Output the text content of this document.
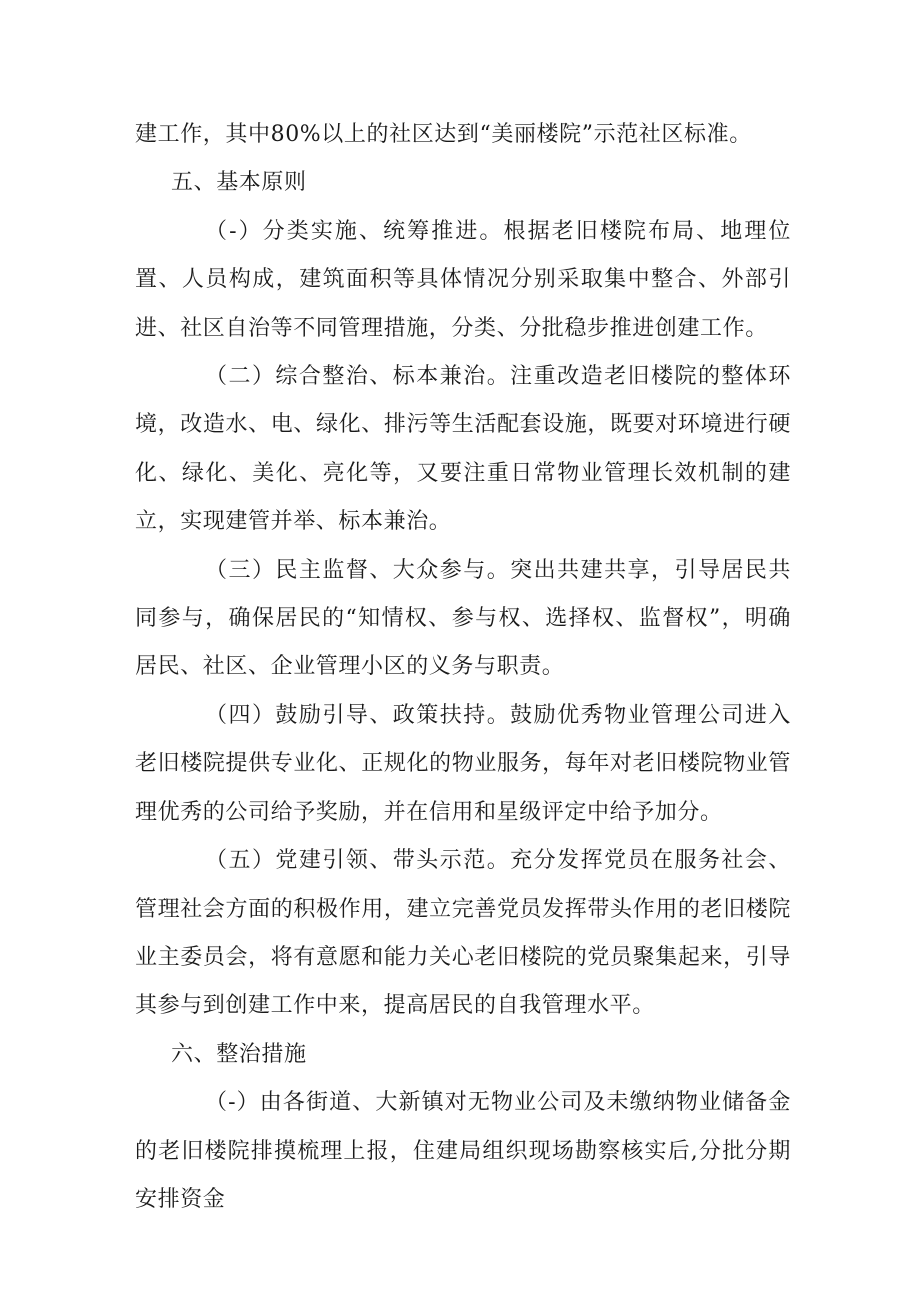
建工作，其中80%以上的社区达到“美丽楼院”示范社区标准。

五、基本原则

（-）分类实施、统筹推进。根据老旧楼院布局、地理位置、人员构成，建筑面积等具体情况分别采取集中整合、外部引进、社区自治等不同管理措施，分类、分批稳步推进创建工作。

（二）综合整治、标本兼治。注重改造老旧楼院的整体环境，改造水、电、绿化、排污等生活配套设施，既要对环境进行硬化、绿化、美化、亮化等，又要注重日常物业管理长效机制的建立，实现建管并举、标本兼治。

（三）民主监督、大众参与。突出共建共享，引导居民共同参与，确保居民的“知情权、参与权、选择权、监督权”，明确居民、社区、企业管理小区的义务与职责。

（四）鼓励引导、政策扶持。鼓励优秀物业管理公司进入老旧楼院提供专业化、正规化的物业服务，每年对老旧楼院物业管理优秀的公司给予奖励，并在信用和星级评定中给予加分。

（五）党建引领、带头示范。充分发挥党员在服务社会、管理社会方面的积极作用，建立完善党员发挥带头作用的老旧楼院业主委员会，将有意愿和能力关心老旧楼院的党员聚集起来，引导其参与到创建工作中来，提高居民的自我管理水平。

六、整治措施

（-）由各街道、大新镇对无物业公司及未缴纳物业储备金的老旧楼院排摸梳理上报，住建局组织现场勘察核实后,分批分期安排资金
